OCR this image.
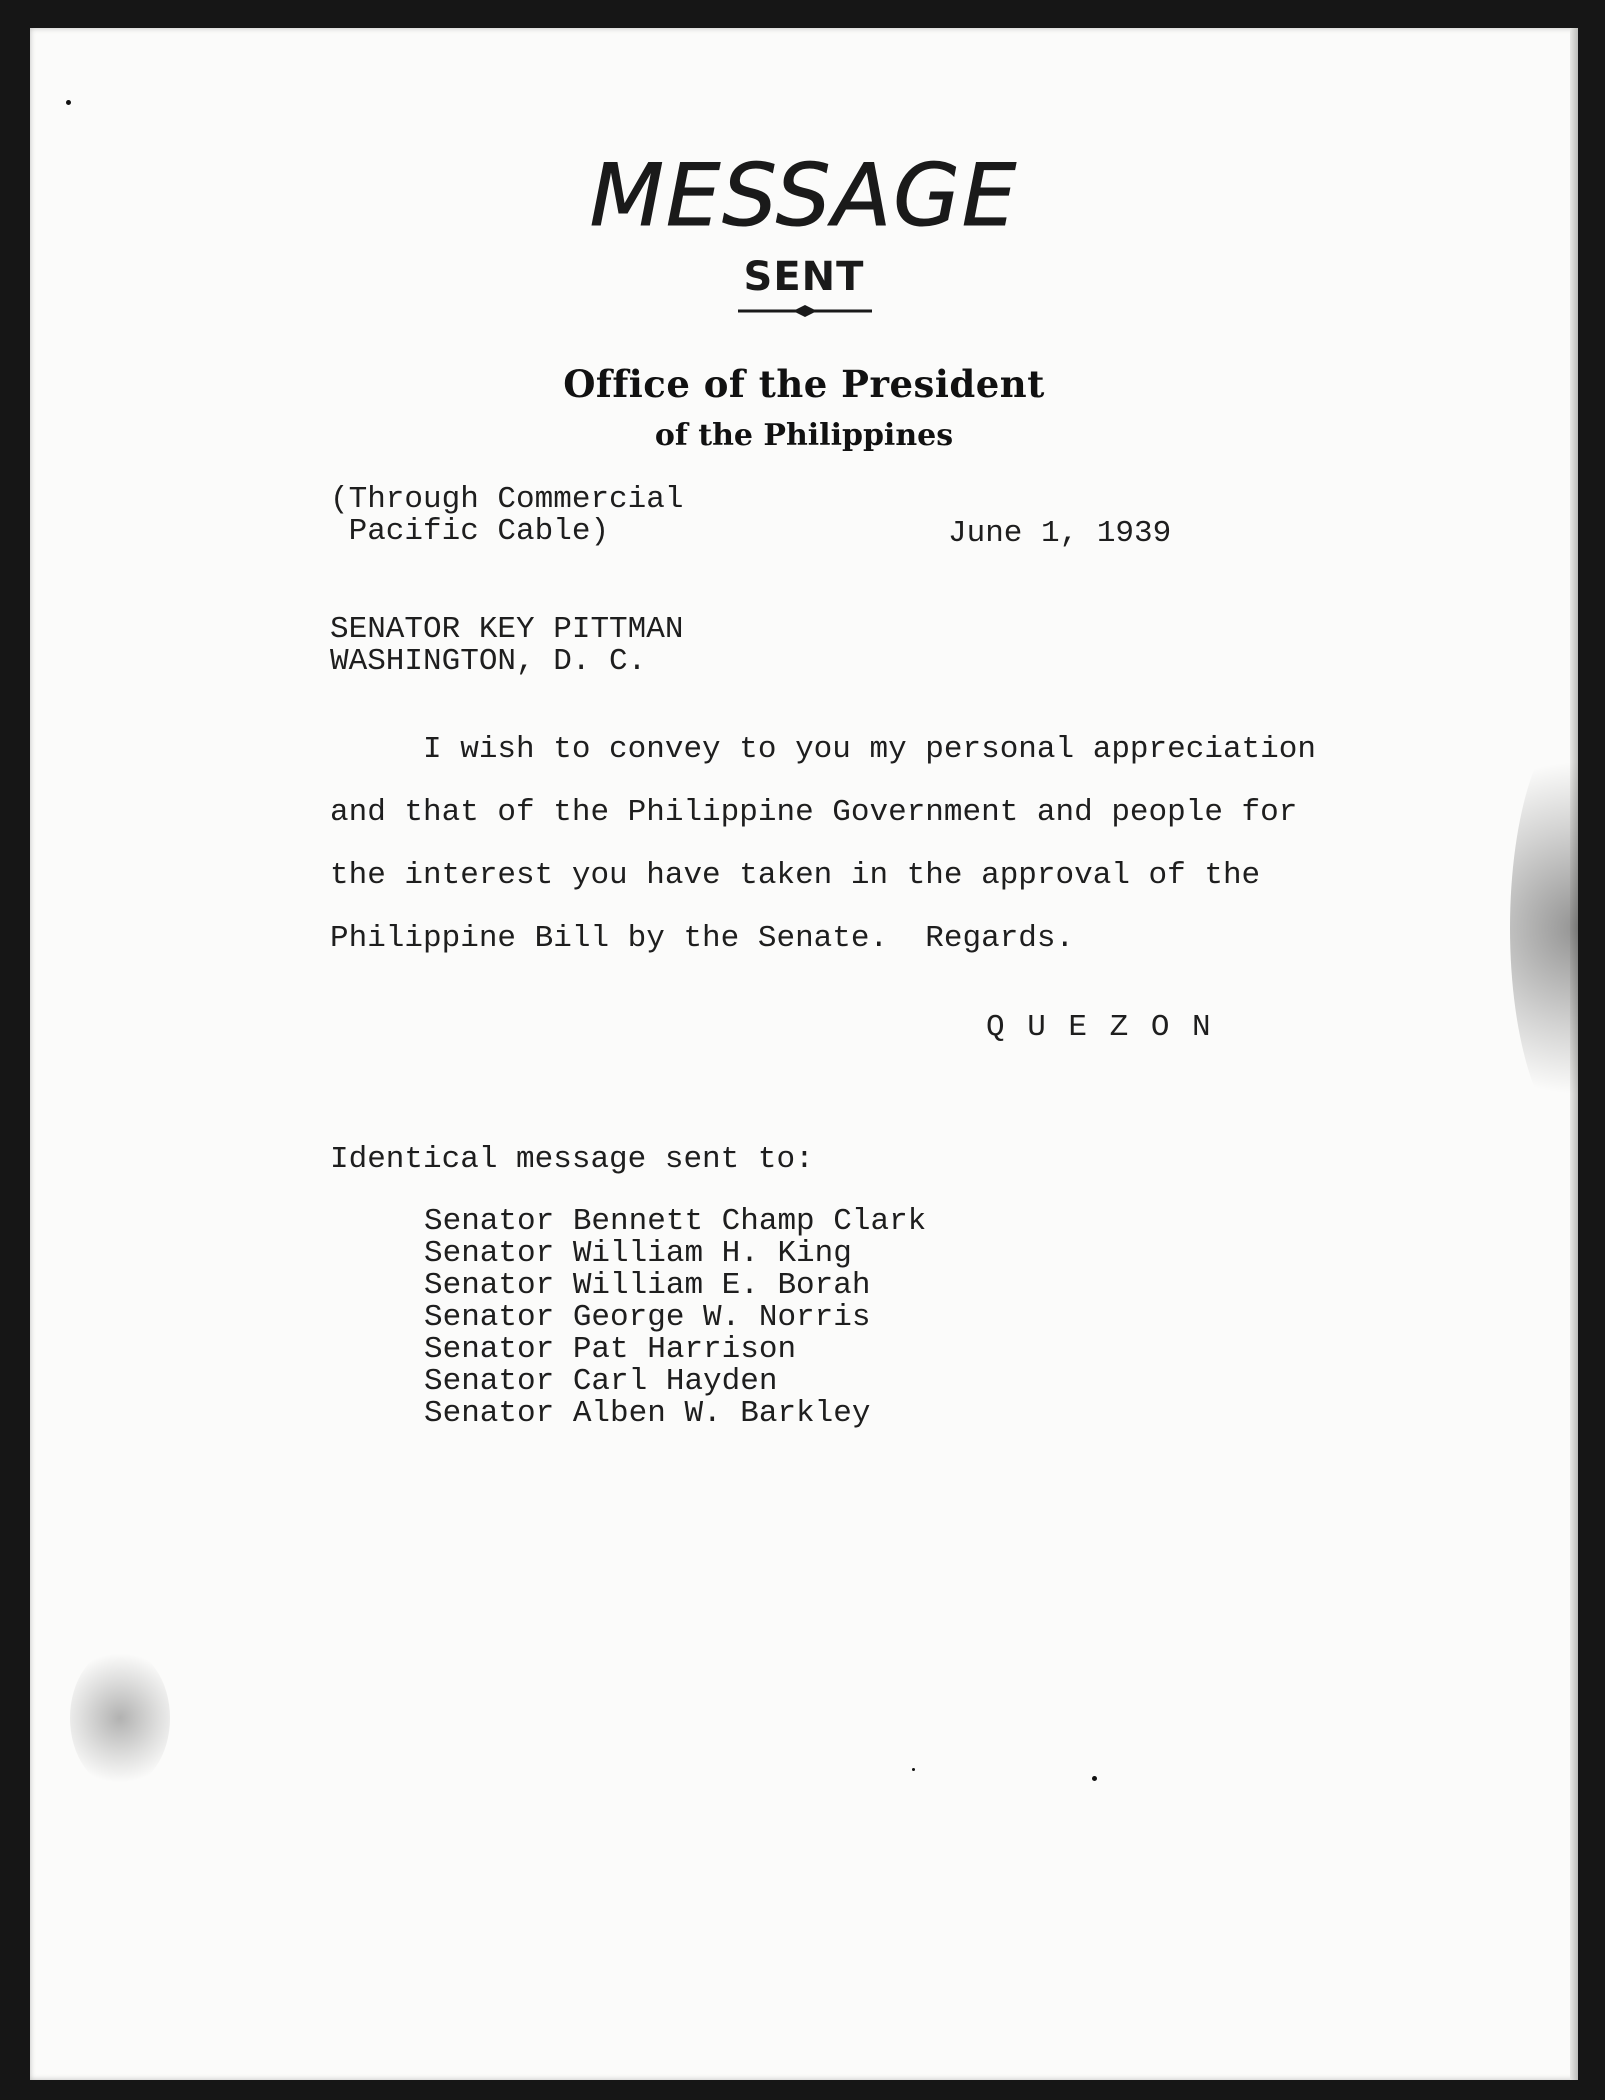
MESSAGE
SENT
Office of the President
of the Philippines
(Through Commercial
Pacific Cable)	June 1, 1939
SENATOR KEY PITTMAN
WASHINGTON, D. C.
I wish to convey to you my personal appreciation
and that of the Philippine Government and people for
the interest you have taken in the approval of the
Philippine Bill by the Senate.  Regards.
Q U E Z O N
Identical message sent to:
Senator Bennett Champ Clark
Senator William H. King
Senator William E. Borah
Senator George W. Norris
Senator Pat Harrison
Senator Carl Hayden
Senator Alben W. Barkley
